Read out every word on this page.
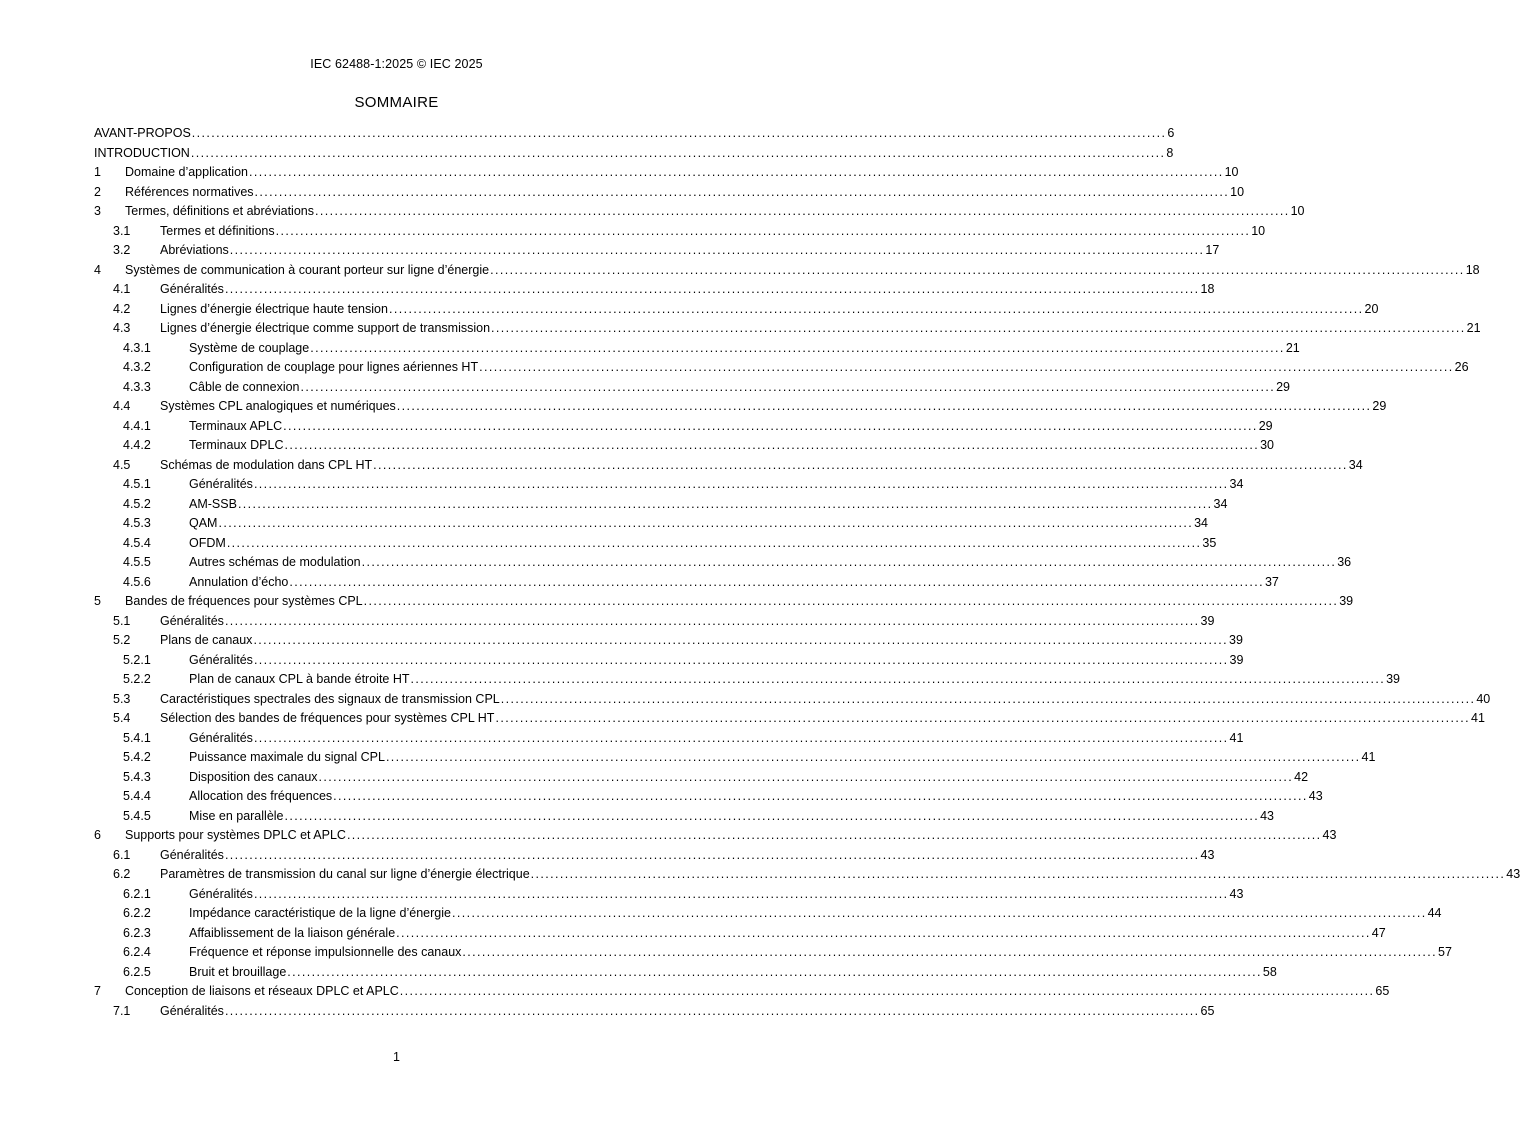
IEC 62488-1:2025 © IEC 2025
SOMMAIRE
AVANT-PROPOS ........................................................................................................................................................................................................ 6
INTRODUCTION ........................................................................................................................................................................................................ 8
1 Domaine d’application ........................................................................................................................................................................................................ 10
2 Références normatives ........................................................................................................................................................................................................ 10
3 Termes, définitions et abréviations ........................................................................................................................................................................................................ 10
3.1 Termes et définitions ........................................................................................................................................................................................................ 10
3.2 Abréviations ........................................................................................................................................................................................................ 17
4 Systèmes de communication à courant porteur sur ligne d’énergie ........................................................................................................................................................................................................ 18
4.1 Généralités ........................................................................................................................................................................................................ 18
4.2 Lignes d’énergie électrique haute tension ........................................................................................................................................................................................................ 20
4.3 Lignes d’énergie électrique comme support de transmission ........................................................................................................................................................................................................ 21
4.3.1	Système de couplage ........................................................................................................................................................................................................ 21
4.3.2	Configuration de couplage pour lignes aériennes HT ........................................................................................................................................................................................................ 26
4.3.3	Câble de connexion ........................................................................................................................................................................................................ 29
4.4 Systèmes CPL analogiques et numériques ........................................................................................................................................................................................................ 29
4.4.1	Terminaux APLC ........................................................................................................................................................................................................ 29
4.4.2	Terminaux DPLC ........................................................................................................................................................................................................ 30
4.5 Schémas de modulation dans CPL HT ........................................................................................................................................................................................................ 34
4.5.1	Généralités ........................................................................................................................................................................................................ 34
4.5.2	AM-SSB ........................................................................................................................................................................................................ 34
4.5.3	QAM ........................................................................................................................................................................................................ 34
4.5.4	OFDM ........................................................................................................................................................................................................ 35
4.5.5	Autres schémas de modulation ........................................................................................................................................................................................................ 36
4.5.6	Annulation d’écho ........................................................................................................................................................................................................ 37
5 Bandes de fréquences pour systèmes CPL ........................................................................................................................................................................................................ 39
5.1 Généralités ........................................................................................................................................................................................................ 39
5.2 Plans de canaux ........................................................................................................................................................................................................ 39
5.2.1	Généralités ........................................................................................................................................................................................................ 39
5.2.2	Plan de canaux CPL à bande étroite HT ........................................................................................................................................................................................................ 39
5.3 Caractéristiques spectrales des signaux de transmission CPL ........................................................................................................................................................................................................ 40
5.4 Sélection des bandes de fréquences pour systèmes CPL HT ........................................................................................................................................................................................................ 41
5.4.1	Généralités ........................................................................................................................................................................................................ 41
5.4.2	Puissance maximale du signal CPL ........................................................................................................................................................................................................ 41
5.4.3	Disposition des canaux ........................................................................................................................................................................................................ 42
5.4.4	Allocation des fréquences ........................................................................................................................................................................................................ 43
5.4.5	Mise en parallèle ........................................................................................................................................................................................................ 43
6 Supports pour systèmes DPLC et APLC ........................................................................................................................................................................................................ 43
6.1 Généralités ........................................................................................................................................................................................................ 43
6.2 Paramètres de transmission du canal sur ligne d’énergie électrique ........................................................................................................................................................................................................ 43
6.2.1	Généralités ........................................................................................................................................................................................................ 43
6.2.2	Impédance caractéristique de la ligne d’énergie ........................................................................................................................................................................................................ 44
6.2.3	Affaiblissement de la liaison générale ........................................................................................................................................................................................................ 47
6.2.4	Fréquence et réponse impulsionnelle des canaux ........................................................................................................................................................................................................ 57
6.2.5	Bruit et brouillage ........................................................................................................................................................................................................ 58
7 Conception de liaisons et réseaux DPLC et APLC ........................................................................................................................................................................................................ 65
7.1 Généralités ........................................................................................................................................................................................................ 65
1
